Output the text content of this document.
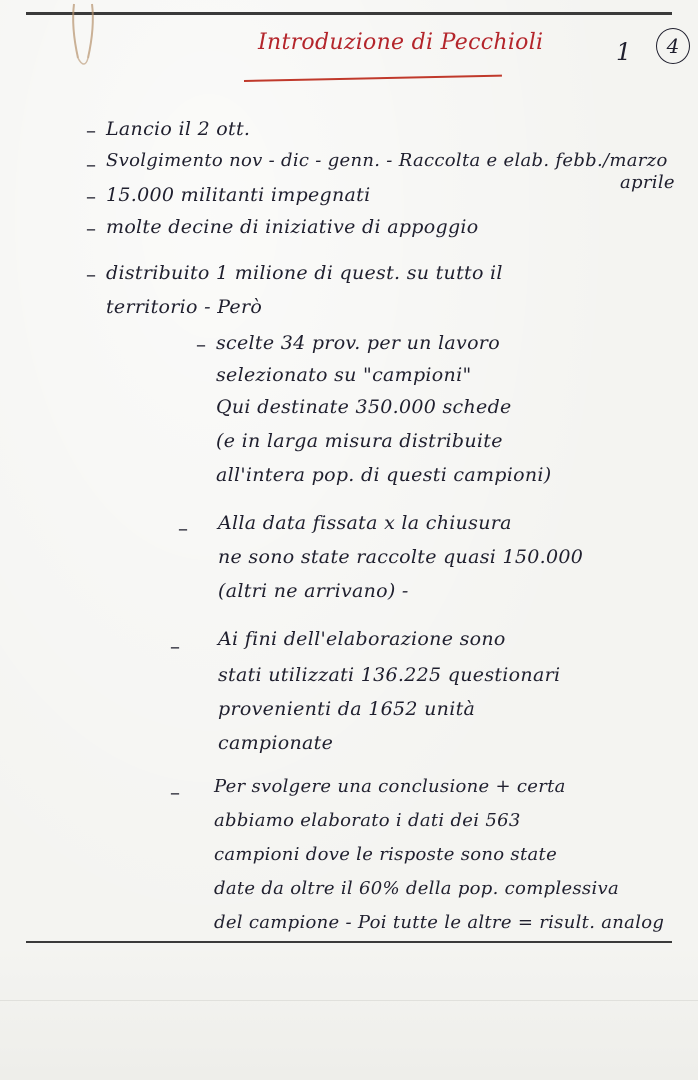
Introduzione di Pecchioli	1	4
–
–
–
–
–
–
–
–
–
Lancio il 2 ott.
Svolgimento nov - dic - genn. - Raccolta e elab. febb./marzo
aprile
15.000 militanti impegnati
molte decine di iniziative di appoggio
distribuito 1 milione di quest. su tutto il
territorio - Però
scelte 34 prov. per un lavoro
selezionato su "campioni"
Qui destinate 350.000 schede
(e in larga misura distribuite
all'intera pop. di questi campioni)
Alla data fissata x la chiusura
ne sono state raccolte quasi 150.000
(altri ne arrivano) -
Ai fini dell'elaborazione sono
stati utilizzati 136.225 questionari
provenienti da 1652 unità
campionate
Per svolgere una conclusione + certa
abbiamo elaborato i dati dei 563
campioni dove le risposte sono state
date da oltre il 60% della pop. complessiva
del campione - Poi tutte le altre = risult. analog
